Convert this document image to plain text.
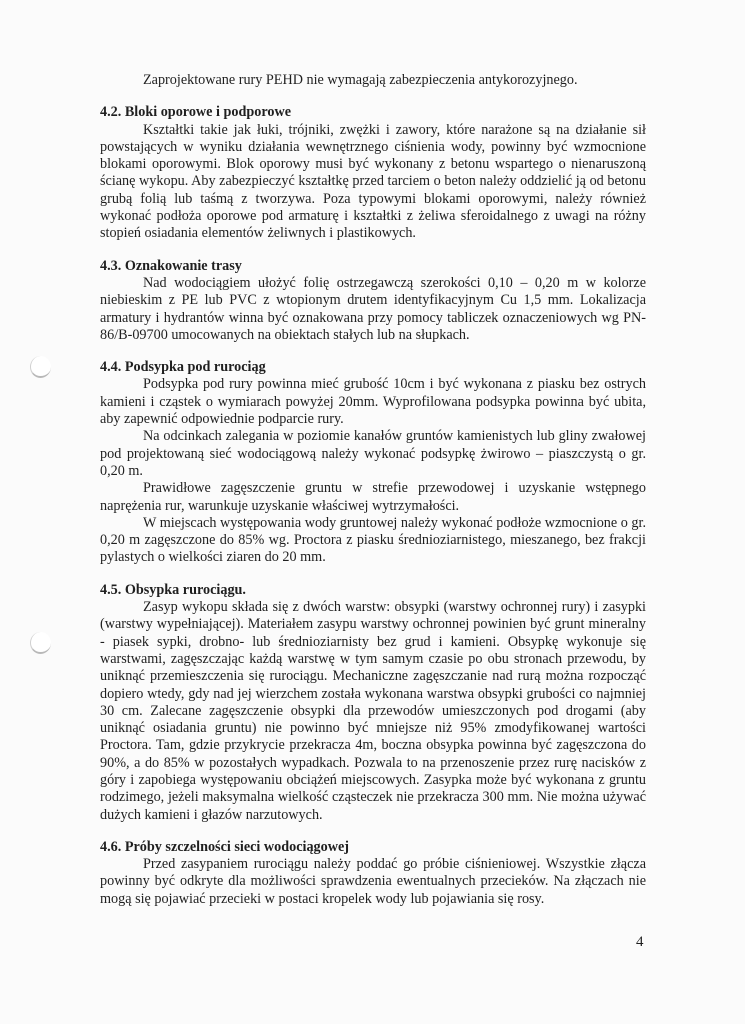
Zaprojektowane rury PEHD nie wymagają zabezpieczenia antykorozyjnego.

4.2. Bloki oporowe i podporowe

Kształtki takie jak łuki, trójniki, zwężki i zawory, które narażone są na działanie sił powstających w wyniku działania wewnętrznego ciśnienia wody, powinny być wzmocnione blokami oporowymi. Blok oporowy musi być wykonany z betonu wspartego o nienaruszoną ścianę wykopu. Aby zabezpieczyć kształtkę przed tarciem o beton należy oddzielić ją od betonu grubą folią lub taśmą z tworzywa. Poza typowymi blokami oporowymi, należy również wykonać podłoża oporowe pod armaturę i kształtki z żeliwa sferoidalnego z uwagi na różny stopień osiadania elementów żeliwnych i plastikowych.

4.3. Oznakowanie trasy

Nad wodociągiem ułożyć folię ostrzegawczą szerokości 0,10 – 0,20 m w kolorze niebieskim z PE lub PVC z wtopionym drutem identyfikacyjnym Cu 1,5 mm. Lokalizacja armatury i hydrantów winna być oznakowana przy pomocy tabliczek oznaczeniowych wg PN-86/B-09700 umocowanych na obiektach stałych lub na słupkach.

4.4. Podsypka pod rurociąg

Podsypka pod rury powinna mieć grubość 10cm i być wykonana z piasku bez ostrych kamieni i cząstek o wymiarach powyżej 20mm. Wyprofilowana podsypka powinna być ubita, aby zapewnić odpowiednie podparcie rury.

Na odcinkach zalegania w poziomie kanałów gruntów kamienistych lub gliny zwałowej pod projektowaną sieć wodociągową należy wykonać podsypkę żwirowo – piaszczystą o gr. 0,20 m.

Prawidłowe zagęszczenie gruntu w strefie przewodowej i uzyskanie wstępnego naprężenia rur, warunkuje uzyskanie właściwej wytrzymałości.

W miejscach występowania wody gruntowej należy wykonać podłoże wzmocnione o gr. 0,20 m zagęszczone do 85% wg. Proctora z piasku średnioziarnistego, mieszanego, bez frakcji pylastych o wielkości ziaren do 20 mm.

4.5. Obsypka rurociągu.

Zasyp wykopu składa się z dwóch warstw: obsypki (warstwy ochronnej rury) i zasypki (warstwy wypełniającej). Materiałem zasypu warstwy ochronnej powinien być grunt mineralny - piasek sypki, drobno- lub średnioziarnisty bez grud i kamieni. Obsypkę wykonuje się warstwami, zagęszczając każdą warstwę w tym samym czasie po obu stronach przewodu, by uniknąć przemieszczenia się rurociągu. Mechaniczne zagęszczanie nad rurą można rozpocząć dopiero wtedy, gdy nad jej wierzchem została wykonana warstwa obsypki grubości co najmniej 30 cm. Zalecane zagęszczenie obsypki dla przewodów umieszczonych pod drogami (aby uniknąć osiadania gruntu) nie powinno być mniejsze niż 95% zmodyfikowanej wartości Proctora. Tam, gdzie przykrycie przekracza 4m, boczna obsypka powinna być zagęszczona do 90%, a do 85% w pozostałych wypadkach. Pozwala to na przenoszenie przez rurę nacisków z góry i zapobiega występowaniu obciążeń miejscowych. Zasypka może być wykonana z gruntu rodzimego, jeżeli maksymalna wielkość cząsteczek nie przekracza 300 mm. Nie można używać dużych kamieni i głazów narzutowych.

4.6. Próby szczelności sieci wodociągowej

Przed zasypaniem rurociągu należy poddać go próbie ciśnieniowej. Wszystkie złącza powinny być odkryte dla możliwości sprawdzenia ewentualnych przecieków. Na złączach nie mogą się pojawiać przecieki w postaci kropelek wody lub pojawiania się rosy.

4
